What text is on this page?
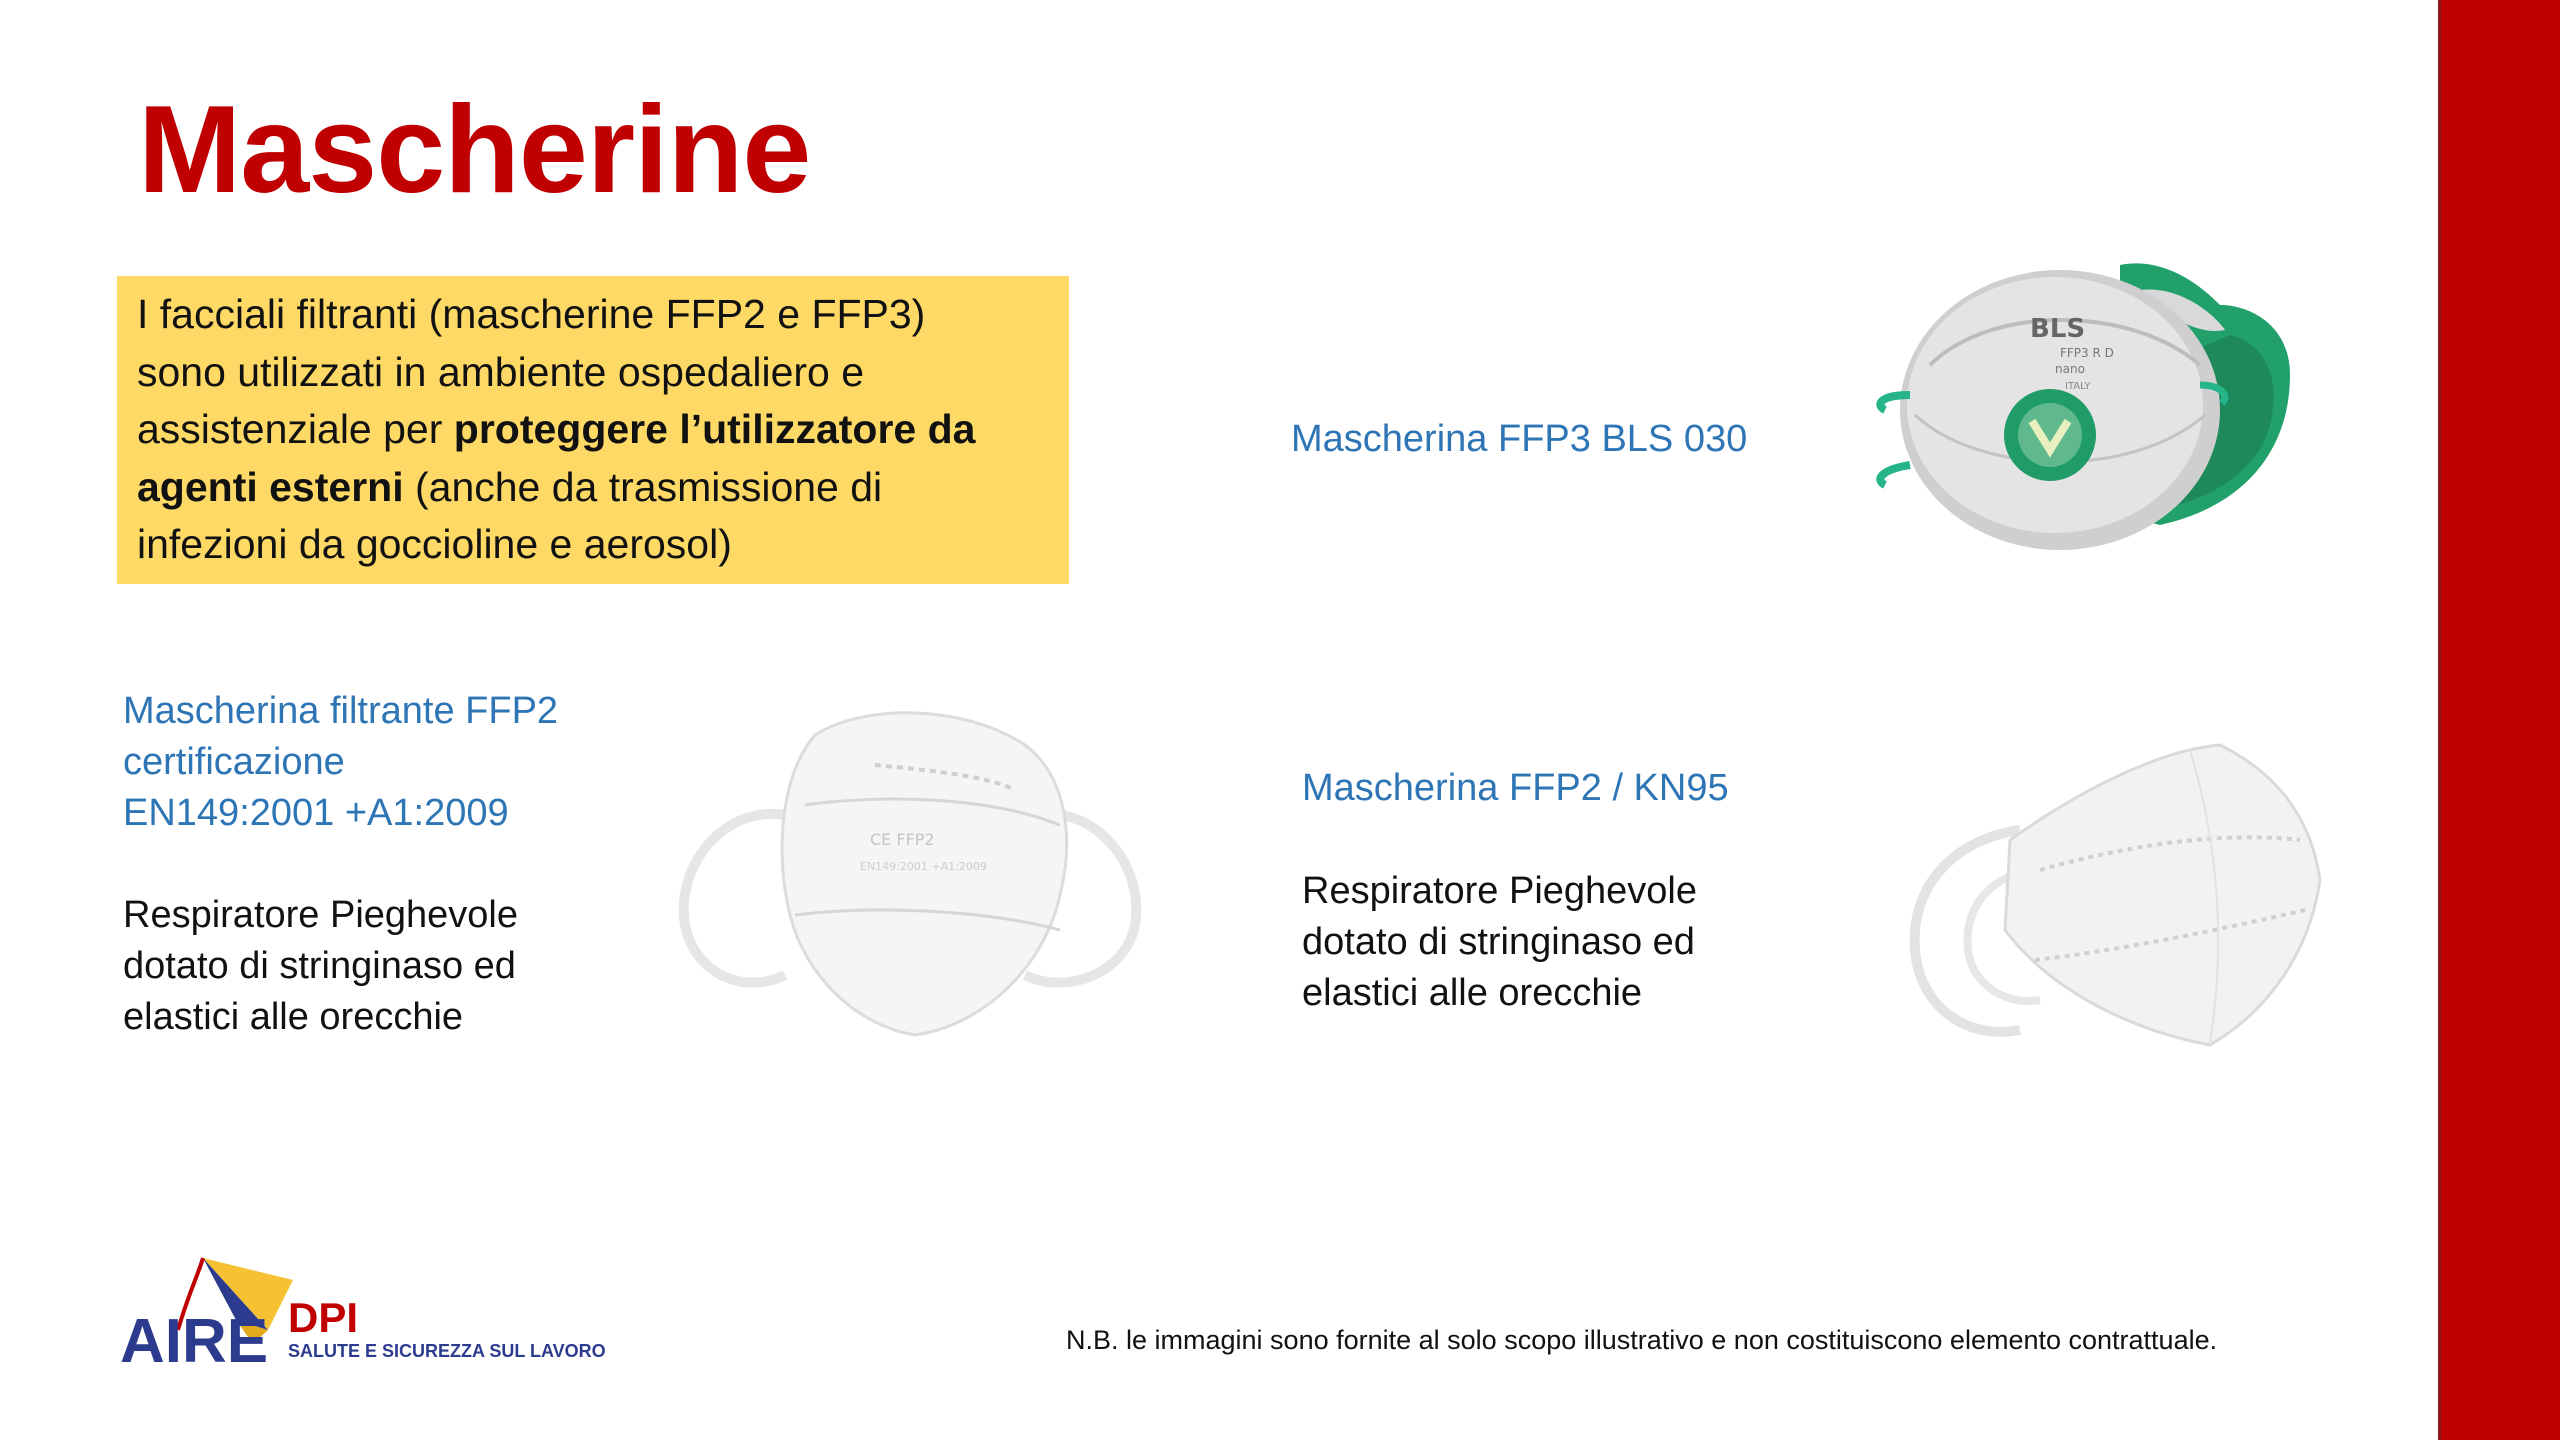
Mascherine
I facciali filtranti (mascherine FFP2 e FFP3)
sono utilizzati in ambiente ospedaliero e
assistenziale per proteggere l’utilizzatore da
agenti esterni (anche da trasmissione di
infezioni da goccioline e aerosol)

Mascherina FFP3 BLS 030

BLS
FFP3 R D
nano
ITALY

Mascherina filtrante FFP2
certificazione
EN149:2001 +A1:2009

Respiratore Pieghevole
dotato di stringinaso ed
elastici alle orecchie

CE FFP2
EN149:2001 +A1:2009

Mascherina FFP2 / KN95

Respiratore Pieghevole
dotato di stringinaso ed
elastici alle orecchie

AIRE DPI
SALUTE E SICUREZZA SUL LAVORO	N.B. le immagini sono fornite al solo scopo illustrativo e non costituiscono elemento contrattuale.
